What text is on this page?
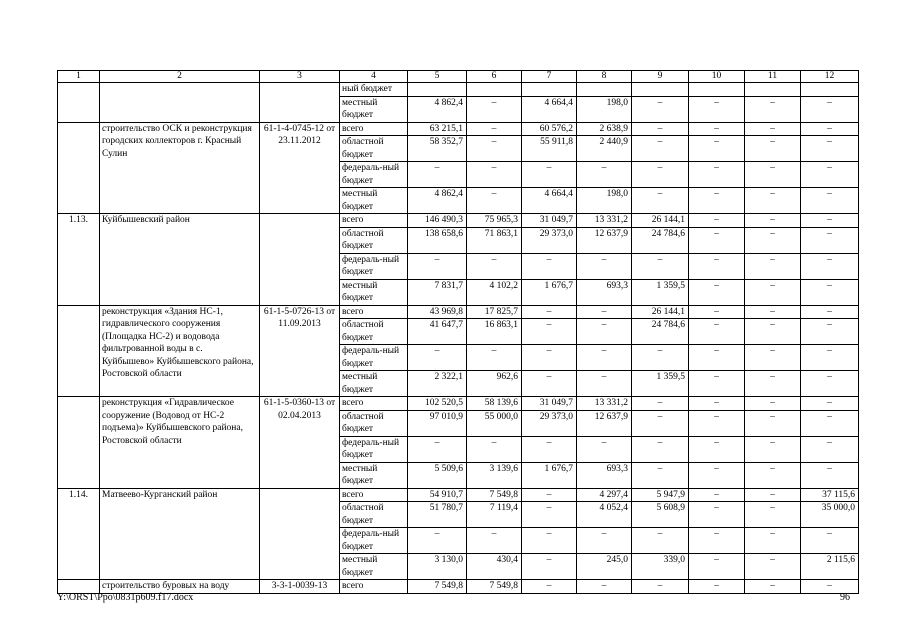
1	2	3	4	5	6	7	8	9	10	11	12
			ный бюджет								
			местный бюджет	4 862,4	–	4 664,4	198,0	–	–	–	–
	строительство ОСК и реконструкция городских коллекторов г. Красный Сулин	61-1-4-0745-12 от 23.11.2012	всего	63 215,1	–	60 576,2	2 638,9	–	–	–	–
			областной бюджет	58 352,7	–	55 911,8	2 440,9	–	–	–	–
			федераль-ный бюджет	–	–	–	–	–	–	–	–
			местный бюджет	4 862,4	–	4 664,4	198,0	–	–	–	–
1.13.	Куйбышевский район		всего	146 490,3	75 965,3	31 049,7	13 331,2	26 144,1	–	–	–
			областной бюджет	138 658,6	71 863,1	29 373,0	12 637,9	24 784,6	–	–	–
			федераль-ный бюджет	–	–	–	–	–	–	–	–
			местный бюджет	7 831,7	4 102,2	1 676,7	693,3	1 359,5	–	–	–
	реконструкция «Здания НС-1, гидравлического сооружения (Площадка НС-2) и водовода фильтрованной воды в с. Куйбышево» Куйбышевского района, Ростовской области	61-1-5-0726-13 от 11.09.2013	всего	43 969,8	17 825,7	–	–	26 144,1	–	–	–
			областной бюджет	41 647,7	16 863,1	–	–	24 784,6	–	–	–
			федераль-ный бюджет	–	–	–	–	–	–	–	–
			местный бюджет	2 322,1	962,6	–	–	1 359,5	–	–	–
	реконструкция «Гидравлическое сооружение (Водовод от НС-2 подъема)» Куйбышевского района, Ростовской области	61-1-5-0360-13 от 02.04.2013	всего	102 520,5	58 139,6	31 049,7	13 331,2	–	–	–	–
			областной бюджет	97 010,9	55 000,0	29 373,0	12 637,9	–	–	–	–
			федераль-ный бюджет	–	–	–	–	–	–	–	–
			местный бюджет	5 509,6	3 139,6	1 676,7	693,3	–	–	–	–
1.14.	Матвеево-Курганский район		всего	54 910,7	7 549,8	–	4 297,4	5 947,9	–	–	37 115,6
			областной бюджет	51 780,7	7 119,4	–	4 052,4	5 608,9	–	–	35 000,0
			федераль-ный бюджет	–	–	–	–	–	–	–	–
			местный бюджет	3 130,0	430,4	–	245,0	339,0	–	–	2 115,6
	строительство буровых на воду	3-3-1-0039-13	всего	7 549,8	7 549,8	–	–	–	–	–	–
Y:\ORST\Ppo\0831p609.f17.docx	96
